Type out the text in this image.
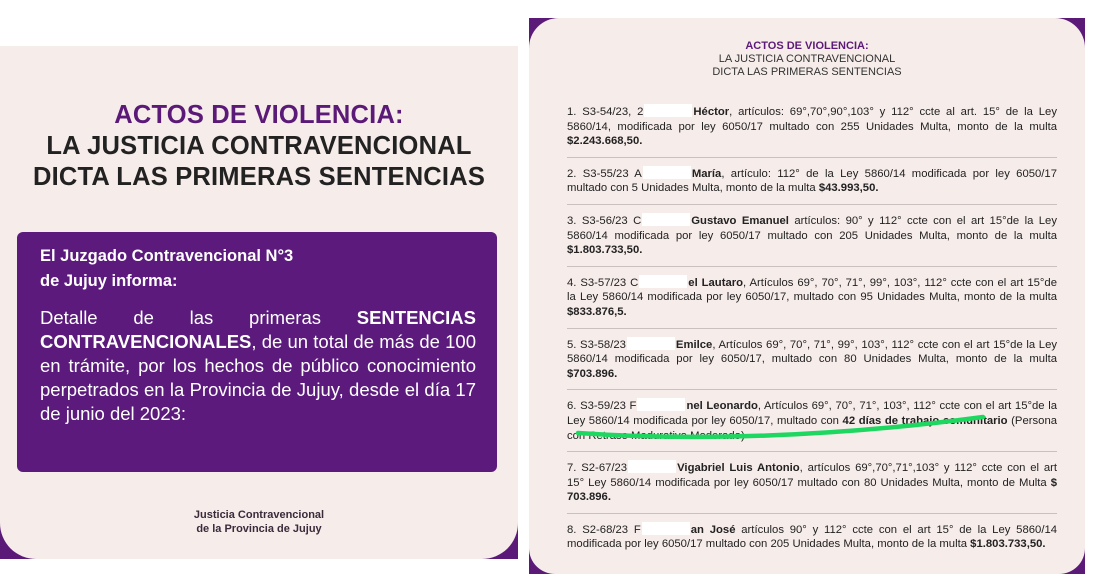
ACTOS DE VIOLENCIA:
LA JUSTICIA CONTRAVENCIONAL
DICTA LAS PRIMERAS SENTENCIAS
El Juzgado Contravencional N°3
de Jujuy informa:
Detalle de las primeras SENTENCIAS CONTRAVENCIONALES, de un total de más de 100 en trámite, por los hechos de público conocimiento perpetrados en la Provincia de Jujuy, desde el día 17 de junio del 2023:
Justicia Contravencional
de la Provincia de Jujuy
ACTOS DE VIOLENCIA:
LA JUSTICIA CONTRAVENCIONAL
DICTA LAS PRIMERAS SENTENCIAS
1. S3-54/23, 2	Héctor, artículos: 69°,70°,90°,103° y 112° ccte al art. 15° de la Ley 5860/14, modificada por ley 6050/17 multado con 255 Unidades Multa, monto de la multa $2.243.668,50.
2. S3-55/23 A	María, artículo: 112° de la Ley 5860/14 modificada por ley 6050/17 multado con 5 Unidades Multa, monto de la multa $43.993,50.
3. S3-56/23 C	Gustavo Emanuel artículos: 90° y 112° ccte con el art 15°de la Ley 5860/14 modificada por ley 6050/17 multado con 205 Unidades Multa, monto de la multa $1.803.733,50.
4. S3-57/23 C	el Lautaro, Artículos 69°, 70°, 71°, 99°, 103°, 112° ccte con el art 15°de la Ley 5860/14 modificada por ley 6050/17, multado con 95 Unidades Multa, monto de la multa $833.876,5.
5. S3-58/23	Emilce, Artículos 69°, 70°, 71°, 99°, 103°, 112° ccte con el art 15°de la Ley 5860/14 modificada por ley 6050/17, multado con 80 Unidades Multa, monto de la multa $703.896.
6. S3-59/23 F	nel Leonardo, Artículos 69°, 70°, 71°, 103°, 112° ccte con el art 15°de la Ley 5860/14 modificada por ley 6050/17, multado con 42 días de trabajo comunitario (Persona con Retraso Madurativo Moderado)
7. S2-67/23	Vigabriel Luis Antonio, artículos 69°,70°,71°,103° y 112° ccte con el art 15° Ley 5860/14 modificada por ley 6050/17 multado con 80 Unidades Multa, monto de Multa $ 703.896.
8. S2-68/23 F	an José artículos 90° y 112° ccte con el art 15° de la Ley 5860/14 modificada por ley 6050/17 multado con 205 Unidades Multa, monto de la multa $1.803.733,50.
